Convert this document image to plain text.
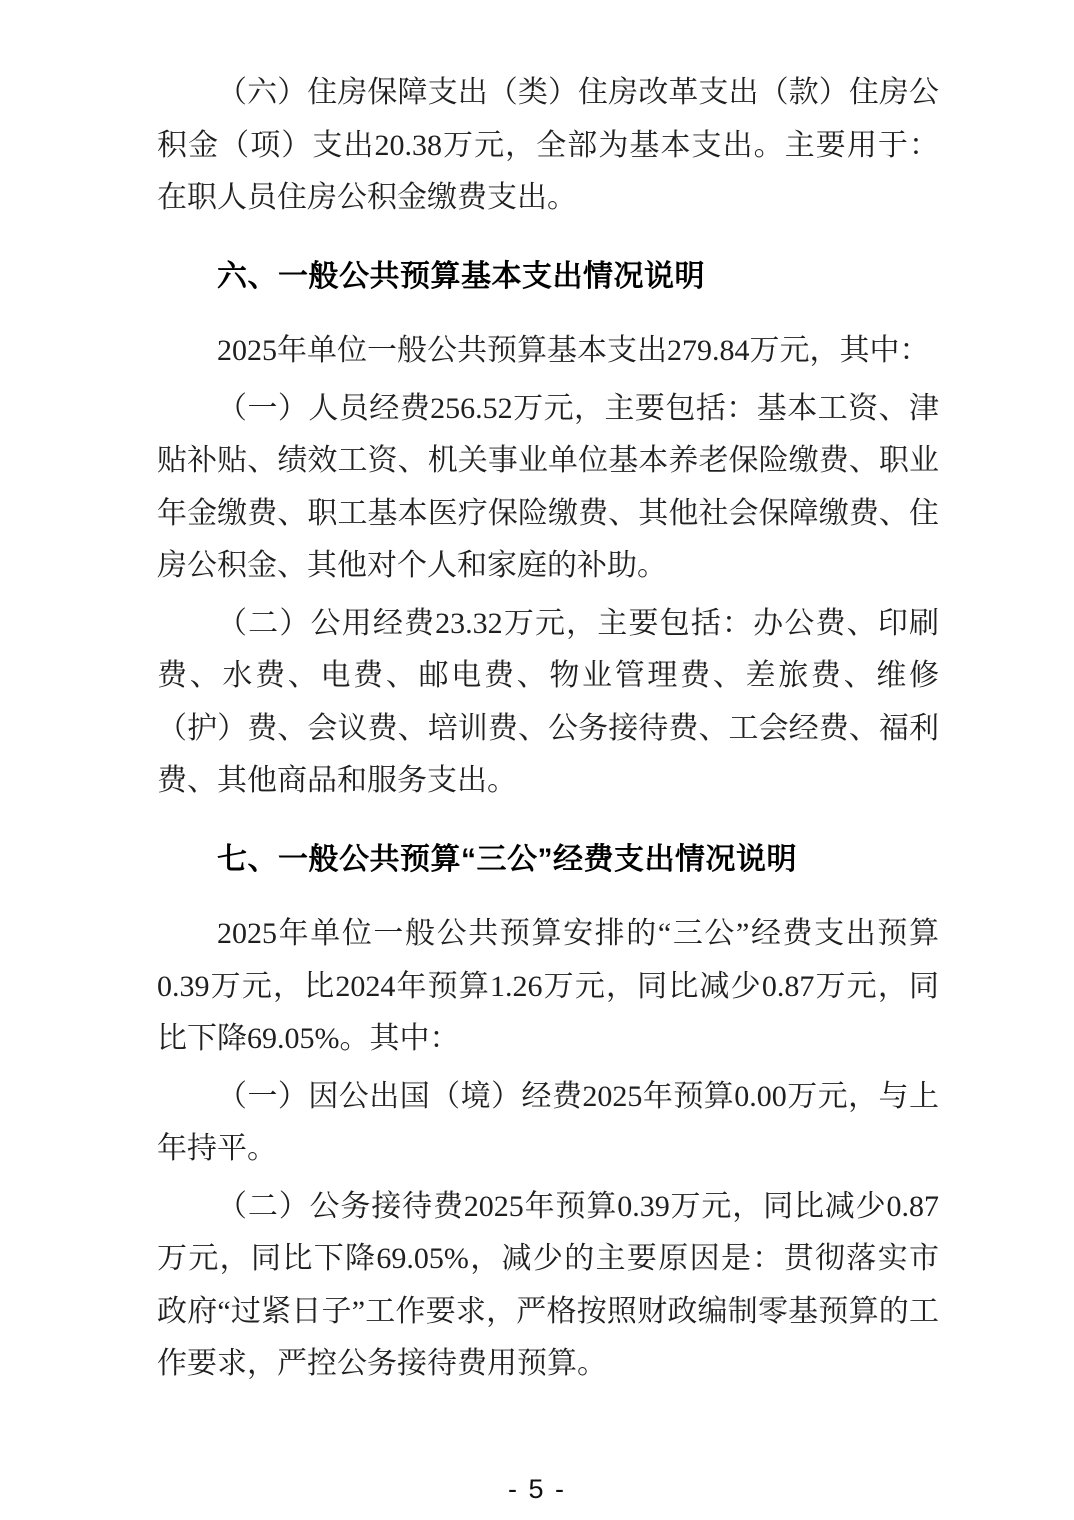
（六）住房保障支出（类）住房改革支出（款）住房公积金（项）支出20.38万元，全部为基本支出。主要用于：在职人员住房公积金缴费支出。

六、一般公共预算基本支出情况说明

2025年单位一般公共预算基本支出279.84万元，其中：

（一）人员经费256.52万元，主要包括：基本工资、津贴补贴、绩效工资、机关事业单位基本养老保险缴费、职业年金缴费、职工基本医疗保险缴费、其他社会保障缴费、住房公积金、其他对个人和家庭的补助。

（二）公用经费23.32万元，主要包括：办公费、印刷费、水费、电费、邮电费、物业管理费、差旅费、维修（护）费、会议费、培训费、公务接待费、工会经费、福利费、其他商品和服务支出。

七、一般公共预算“三公”经费支出情况说明

2025年单位一般公共预算安排的“三公”经费支出预算0.39万元，比2024年预算1.26万元，同比减少0.87万元，同比下降69.05%。其中：

（一）因公出国（境）经费2025年预算0.00万元，与上年持平。

（二）公务接待费2025年预算0.39万元，同比减少0.87万元，同比下降69.05%，减少的主要原因是：贯彻落实市政府“过紧日子”工作要求，严格按照财政编制零基预算的工作要求，严控公务接待费用预算。

- 5 -
